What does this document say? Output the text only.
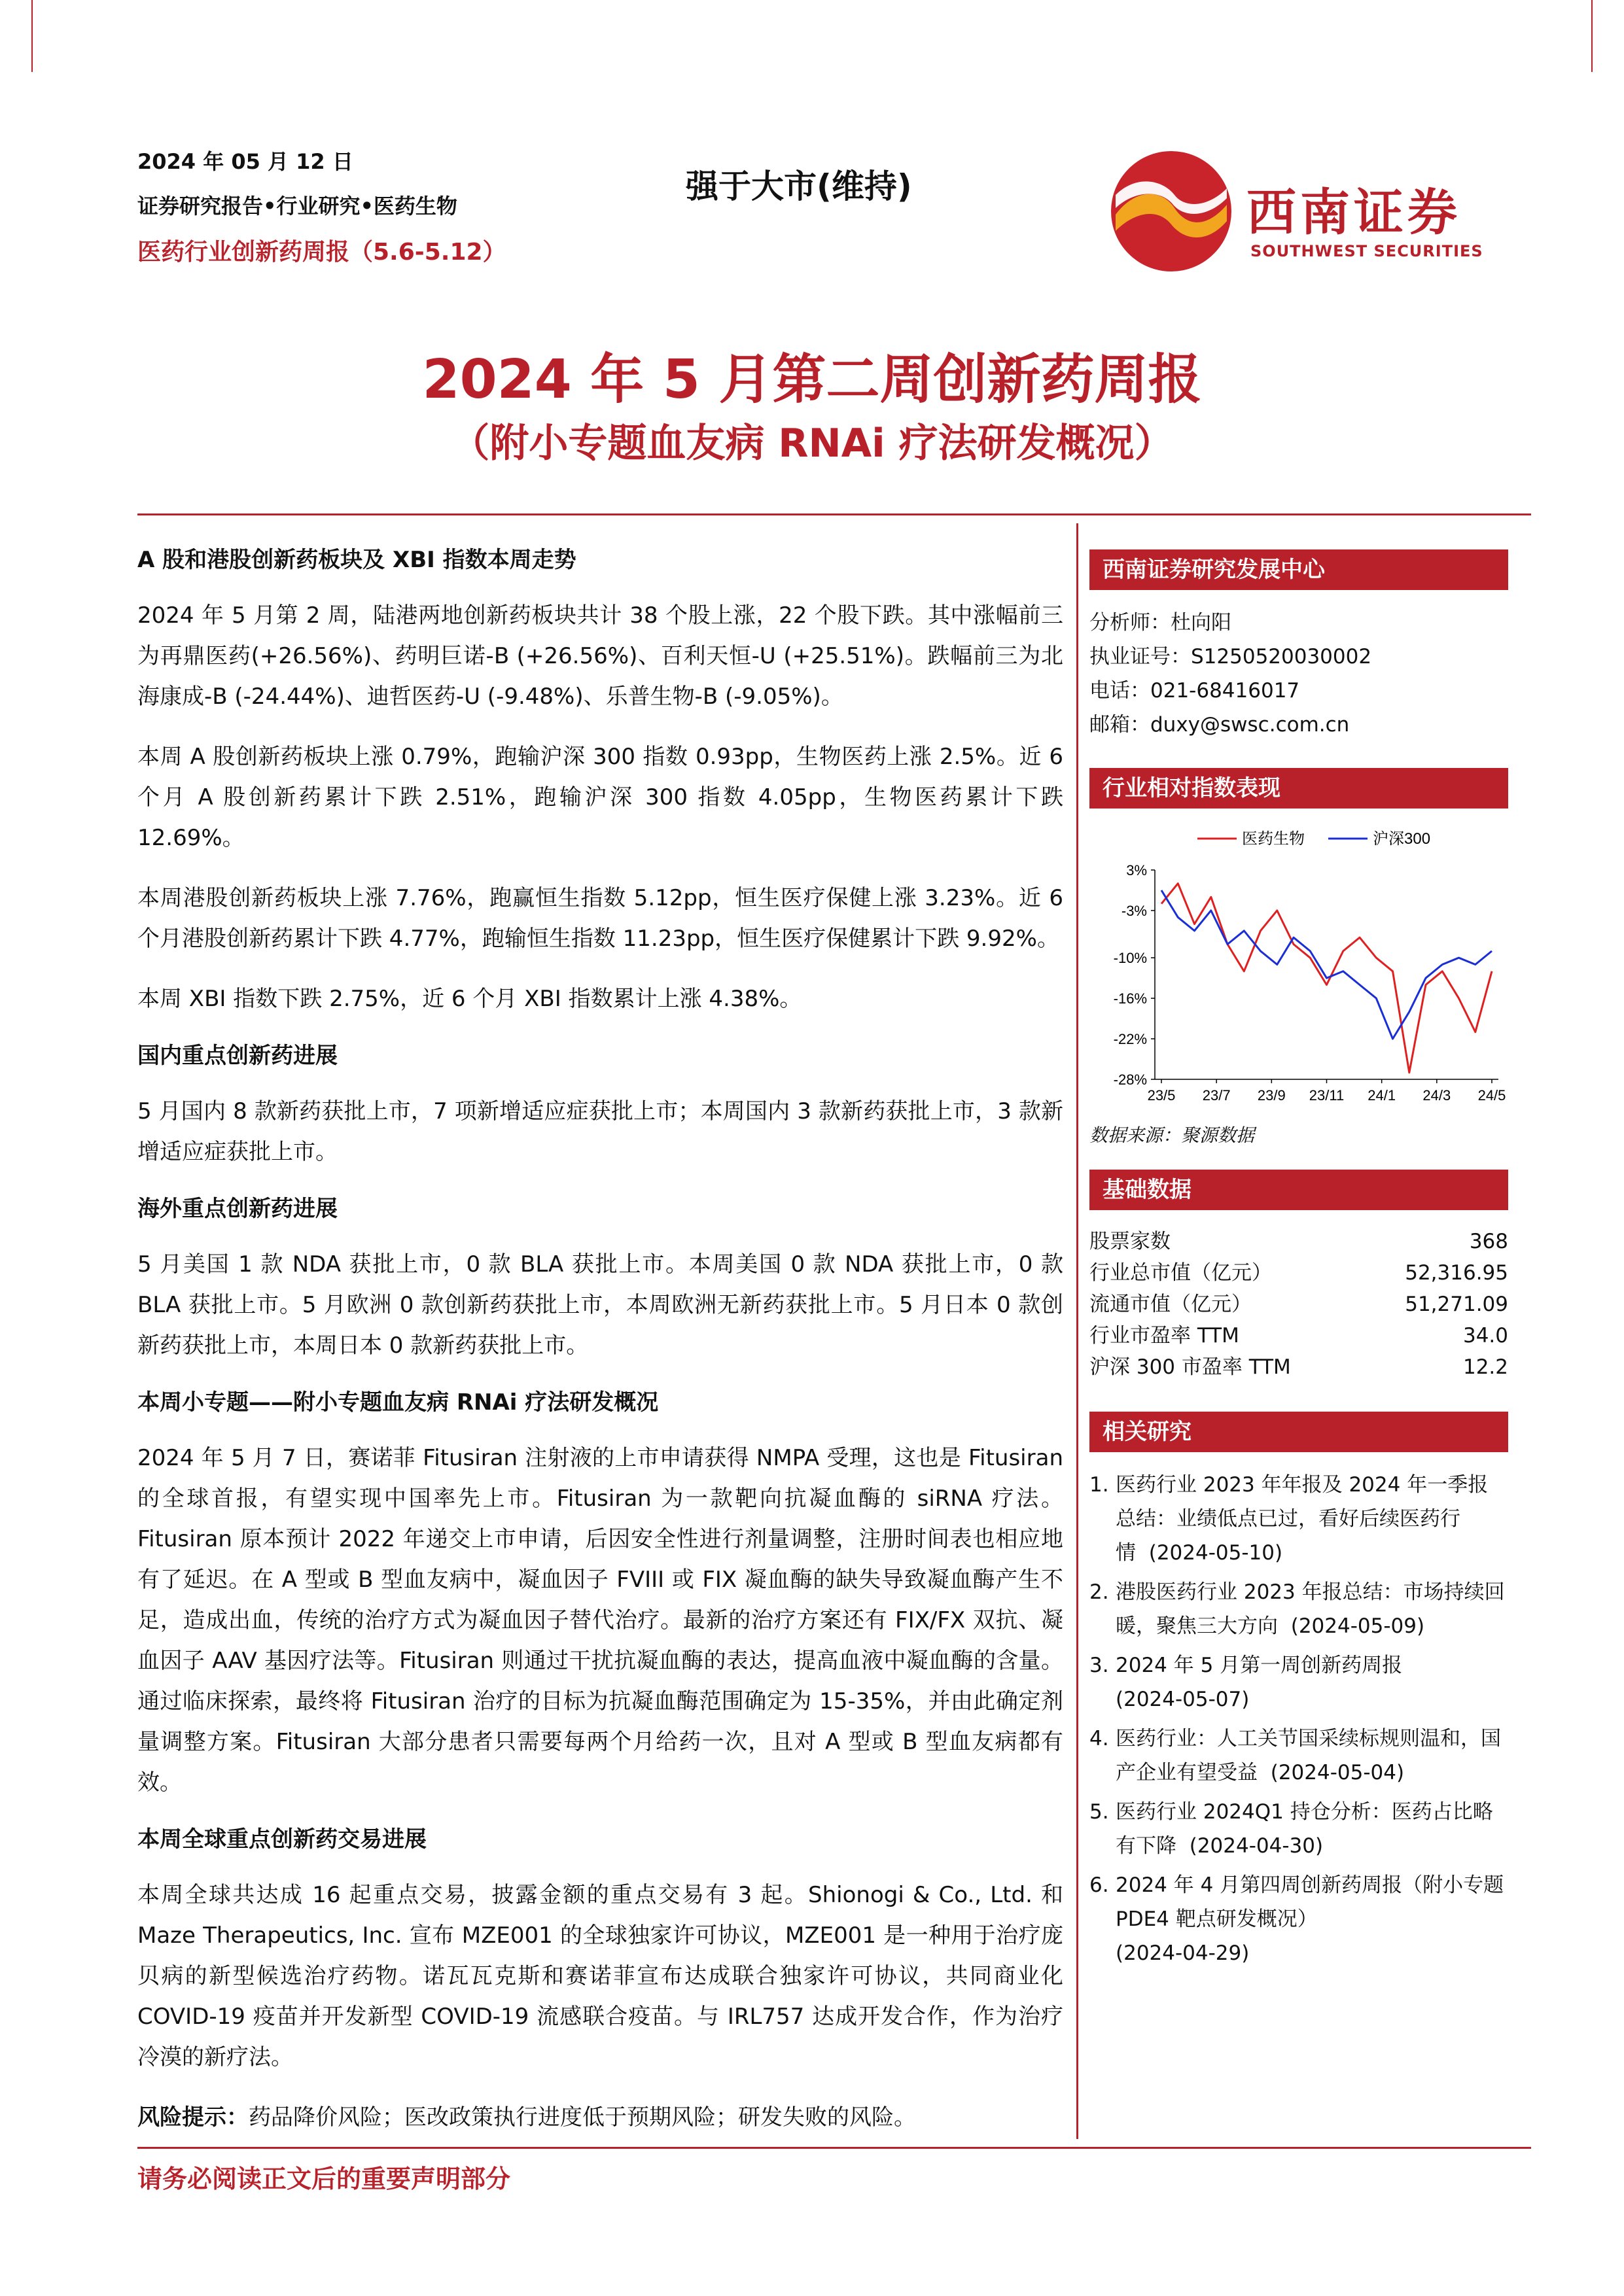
2024 年 05 月 12 日
证券研究报告•行业研究•医药生物
医药行业创新药周报（5.6-5.12）
强于大市(维持)	西南证券
SOUTHWEST SECURITIES
2024 年 5 月第二周创新药周报
（附小专题血友病 RNAi 疗法研发概况）
A 股和港股创新药板块及 XBI 指数本周走势

2024 年 5 月第 2 周，陆港两地创新药板块共计 38 个股上涨，22 个股下跌。其中涨幅前三为再鼎医药(+26.56%)、药明巨诺-B (+26.56%)、百利天恒-U (+25.51%)。跌幅前三为北海康成-B (-24.44%)、迪哲医药-U (-9.48%)、乐普生物-B (-9.05%)。

本周 A 股创新药板块上涨 0.79%，跑输沪深 300 指数 0.93pp，生物医药上涨 2.5%。近 6 个月 A 股创新药累计下跌 2.51%，跑输沪深 300 指数 4.05pp，生物医药累计下跌 12.69%。

本周港股创新药板块上涨 7.76%，跑赢恒生指数 5.12pp，恒生医疗保健上涨 3.23%。近 6 个月港股创新药累计下跌 4.77%，跑输恒生指数 11.23pp，恒生医疗保健累计下跌 9.92%。

本周 XBI 指数下跌 2.75%，近 6 个月 XBI 指数累计上涨 4.38%。

国内重点创新药进展

5 月国内 8 款新药获批上市，7 项新增适应症获批上市；本周国内 3 款新药获批上市，3 款新增适应症获批上市。

海外重点创新药进展

5 月美国 1 款 NDA 获批上市，0 款 BLA 获批上市。本周美国 0 款 NDA 获批上市，0 款 BLA 获批上市。5 月欧洲 0 款创新药获批上市，本周欧洲无新药获批上市。5 月日本 0 款创新药获批上市，本周日本 0 款新药获批上市。

本周小专题——附小专题血友病 RNAi 疗法研发概况

2024 年 5 月 7 日，赛诺菲 Fitusiran 注射液的上市申请获得 NMPA 受理，这也是 Fitusiran 的全球首报，有望实现中国率先上市。Fitusiran 为一款靶向抗凝血酶的 siRNA 疗法。Fitusiran 原本预计 2022 年递交上市申请，后因安全性进行剂量调整，注册时间表也相应地有了延迟。在 A 型或 B 型血友病中，凝血因子 FVIII 或 FIX 凝血酶的缺失导致凝血酶产生不足，造成出血，传统的治疗方式为凝血因子替代治疗。最新的治疗方案还有 FIX/FX 双抗、凝血因子 AAV 基因疗法等。Fitusiran 则通过干扰抗凝血酶的表达，提高血液中凝血酶的含量。通过临床探索，最终将 Fitusiran 治疗的目标为抗凝血酶范围确定为 15-35%，并由此确定剂量调整方案。Fitusiran 大部分患者只需要每两个月给药一次，且对 A 型或 B 型血友病都有效。

本周全球重点创新药交易进展

本周全球共达成 16 起重点交易，披露金额的重点交易有 3 起。Shionogi & Co., Ltd. 和 Maze Therapeutics, Inc. 宣布 MZE001 的全球独家许可协议，MZE001 是一种用于治疗庞贝病的新型候选治疗药物。诺瓦瓦克斯和赛诺菲宣布达成联合独家许可协议，共同商业化 COVID-19 疫苗并开发新型 COVID-19 流感联合疫苗。与 IRL757 达成开发合作，作为治疗冷漠的新疗法。

风险提示：药品降价风险；医改政策执行进度低于预期风险；研发失败的风险。
西南证券研究发展中心
分析师：杜向阳
执业证号：S1250520030002
电话：021-68416017
邮箱：duxy@swsc.com.cn
行业相对指数表现
3%
-3%
-10%
-16%
-22%
-28%
23/5 23/7 23/9 23/11 24/1 24/3 24/5
医药生物	沪深300
数据来源：聚源数据
基础数据
股票家数	368
行业总市值（亿元）	52,316.95
流通市值（亿元）	51,271.09
行业市盈率 TTM	34.0
沪深 300 市盈率 TTM	12.2
相关研究
1. 医药行业 2023 年年报及 2024 年一季报总结：业绩低点已过，看好后续医药行情 (2024-05-10)
2. 港股医药行业 2023 年报总结：市场持续回暖，聚焦三大方向 (2024-05-09)
3. 2024 年 5 月第一周创新药周报
(2024-05-07)
4. 医药行业：人工关节国采续标规则温和，国产企业有望受益 (2024-05-04)
5. 医药行业 2024Q1 持仓分析：医药占比略有下降 (2024-04-30)
6. 2024 年 4 月第四周创新药周报（附小专题 PDE4 靶点研发概况）
(2024-04-29)
请务必阅读正文后的重要声明部分
